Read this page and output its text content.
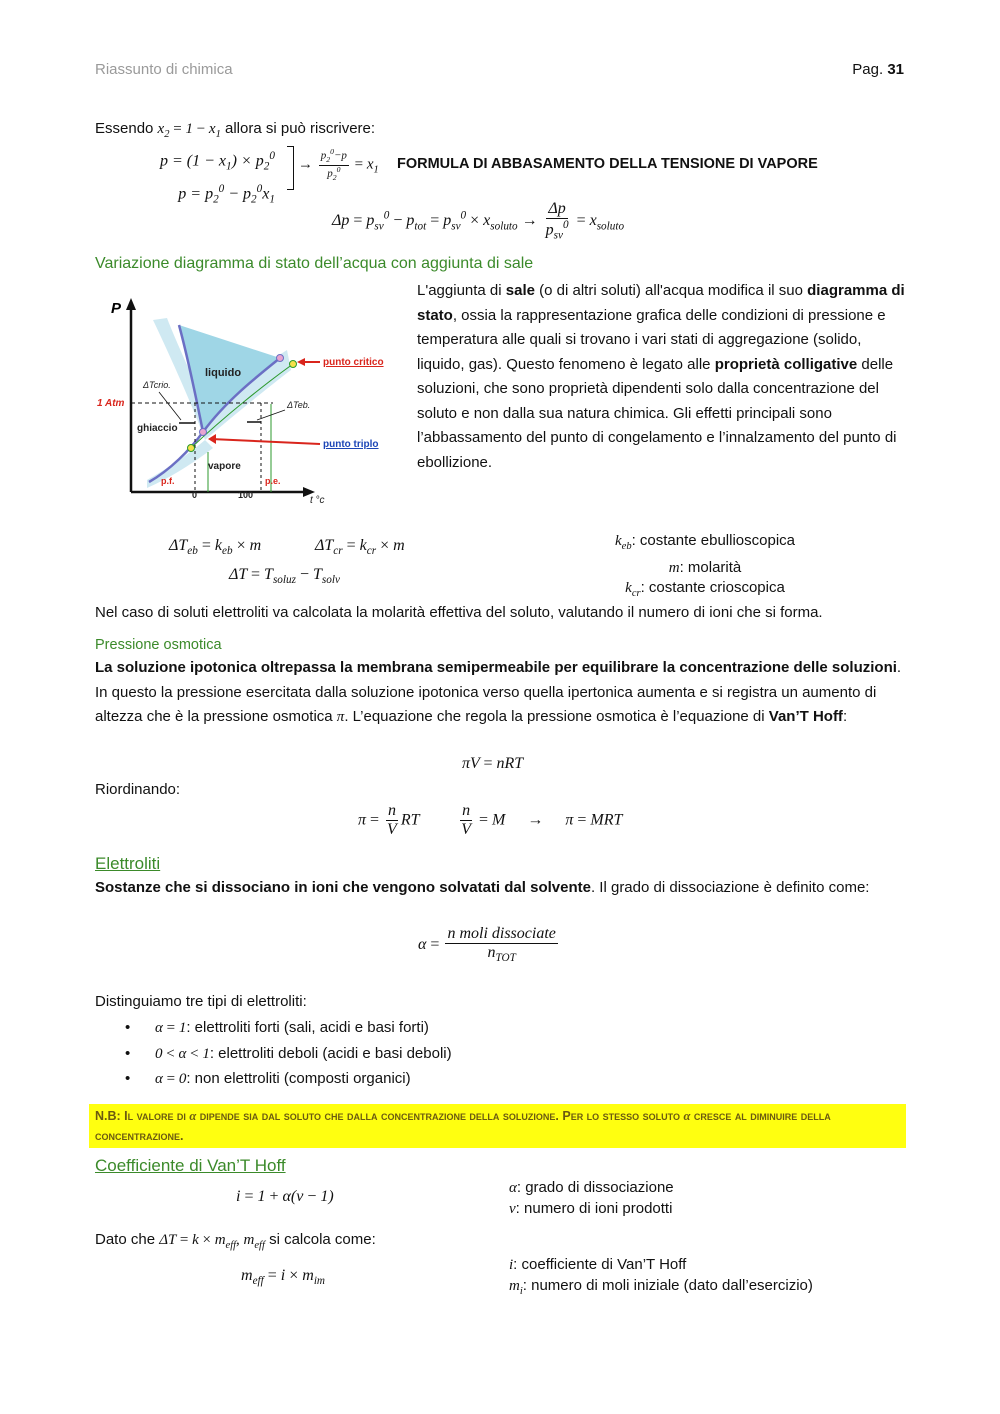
Riassunto di chimica	Pag. 31
Essendo $x_2 = 1 - x_1$ allora si può riscrivere:
$p = (1 - x_1) \times p_2^0$
$p = p_2^0 - p_2^0x_1$
→ $\frac{p_2^0-p}{p_2^0} = x_1$ FORMULA DI ABBASAMENTO DELLA TENSIONE DI VAPORE
$\Delta p = p_{sv}^0 - p_{tot} = p_{sv}^0 \times x_{soluto} \to \frac{\Delta p}{p_{sv}^0} = x_{soluto}$
Variazione diagramma di stato dell’acqua con aggiunta di sale
P
liquido
ghiaccio
vapore
1 Atm
punto critico
punto triplo
ΔTcrio.
ΔTeb.
p.f.	p.e.
0	100	t °c
L'aggiunta di sale (o di altri soluti) all'acqua modifica il suo diagramma di stato, ossia la rappresentazione grafica delle condizioni di pressione e temperatura alle quali si trovano i vari stati di aggregazione (solido, liquido, gas). Questo fenomeno è legato alle proprietà colligative delle soluzioni, che sono proprietà dipendenti solo dalla concentrazione del soluto e non dalla sua natura chimica. Gli effetti principali sono l’abbassamento del punto di congelamento e l’innalzamento del punto di ebollizione.
$\Delta T_{eb} = k_{eb} \times m$	$\Delta T_{cr} = k_{cr} \times m$
$\Delta T = T_{soluz} - T_{solv}$
$k_{eb}$: costante ebullioscopica
m: molarità
$k_{cr}$: costante crioscopica
Nel caso di soluti elettroliti va calcolata la molarità effettiva del soluto, valutando il numero di ioni che si forma.
Pressione osmotica
La soluzione ipotonica oltrepassa la membrana semipermeabile per equilibrare la concentrazione delle soluzioni. In questo la pressione esercitata dalla soluzione ipotonica verso quella ipertonica aumenta e si registra un aumento di altezza che è la pressione osmotica π. L’equazione che regola la pressione osmotica è l’equazione di Van’T Hoff:
πV = nRT
Riordinando:
$\pi = \frac{n}{V}$ RT $\frac{n}{V} = M \to \pi$ = MRT
Elettroliti
Sostanze che si dissociano in ioni che vengono solvatati dal solvente. Il grado di dissociazione è definito come:
$\alpha = \frac{\text{n moli dissociate}}{n_{TOT}}$
Distinguiamo tre tipi di elettroliti:
• α = 1: elettroliti forti (sali, acidi e basi forti)
• 0 < α < 1: elettroliti deboli (acidi e basi deboli)
• α = 0: non elettroliti (composti organici)
N.B: Il valore di α dipende sia dal soluto che dalla concentrazione della soluzione. Per lo stesso soluto α cresce al diminuire della concentrazione.
Coefficiente di Van’T Hoff
i = 1 + α(v − 1)	α: grado di dissociazione
v: numero di ioni prodotti
Dato che $\Delta T = k \times m_{eff}$, $m_{eff}$ si calcola come:
$m_{eff} = i \times m_{im}$
i: coefficiente di Van’T Hoff
$m_i$: numero di moli iniziale (dato dall’esercizio)
